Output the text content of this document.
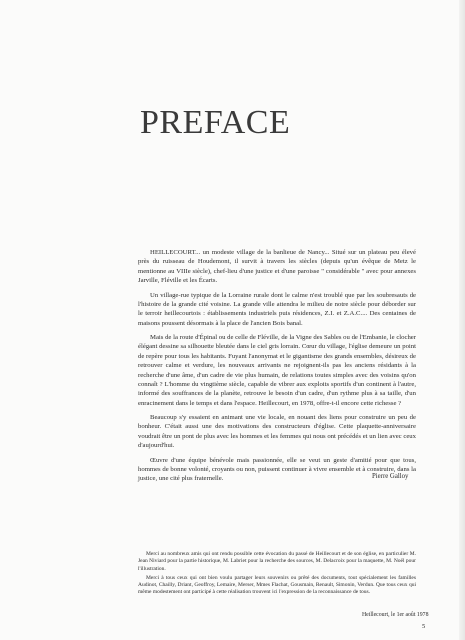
PREFACE

HEILLECOURT... un modeste village de la banlieue de Nancy... Situé sur un plateau peu élevé près du ruisseau de Houdemont, il survit à travers les siècles (depuis qu'un évêque de Metz le mentionne au VIIIe siècle), chef-lieu d'une justice et d'une paroisse " considérable " avec pour annexes Jarville, Fléville et les Écarts.

Un village-rue typique de la Lorraine rurale dont le calme n'est troublé que par les soubresauts de l'histoire de la grande cité voisine. La grande ville attendra le milieu de notre siècle pour déborder sur le terroir heillecourtois : établissements industriels puis résidences, Z.I. et Z.A.C.... Des centaines de maisons poussent désormais à la place de l'ancien Bois banal.

Mais de la route d'Épinal ou de celle de Fléville, de la Vigne des Sables ou de l'Embanie, le clocher élégant dessine sa silhouette bleutée dans le ciel gris lorrain. Cœur du village, l'église demeure un point de repère pour tous les habitants. Fuyant l'anonymat et le gigantisme des grands ensembles, désireux de retrouver calme et verdure, les nouveaux arrivants ne rejoignent-ils pas les anciens résidants à la recherche d'une âme, d'un cadre de vie plus humain, de relations toutes simples avec des voisins qu'on connaît ? L'homme du vingtième siècle, capable de vibrer aux exploits sportifs d'un continent à l'autre, informé des souffrances de la planète, retrouve le besoin d'un cadre, d'un rythme plus à sa taille, d'un enracinement dans le temps et dans l'espace. Heillecourt, en 1978, offre-t-il encore cette richesse ?

Beaucoup s'y essaient en animant une vie locale, en nouant des liens pour construire un peu de bonheur. C'était aussi une des motivations des constructeurs d'église. Cette plaquette-anniversaire voudrait être un pont de plus avec les hommes et les femmes qui nous ont précédés et un lien avec ceux d'aujourd'hui.

Œuvre d'une équipe bénévole mais passionnée, elle se veut un geste d'amitié pour que tous, hommes de bonne volonté, croyants ou non, puissent continuer à vivre ensemble et à construire, dans la justice, une cité plus fraternelle.	Pierre Galloy

Merci au nombreux amis qui ont rendu possible cette évocation du passé de Heillecourt et de son église, en particulier M. Jean Niviard pour la partie historique, M. Labriet pour la recherche des sources, M. Delacroix pour la maquette, M. Noël pour l'illustration.

Merci à tous ceux qui ont bien voulu partager leurs souvenirs ou prêté des documents, tout spécialement les familles Audinot, Chailly, Driant, Geoffroy, Lemaire, Merser, Mmes Flachat, Gousmain, Renault, Simonin, Verdun. Que tous ceux qui même modestement ont participé à cette réalisation trouvent ici l'expression de la reconnaissance de tous.

Heillecourt, le 1er août 1978

5
